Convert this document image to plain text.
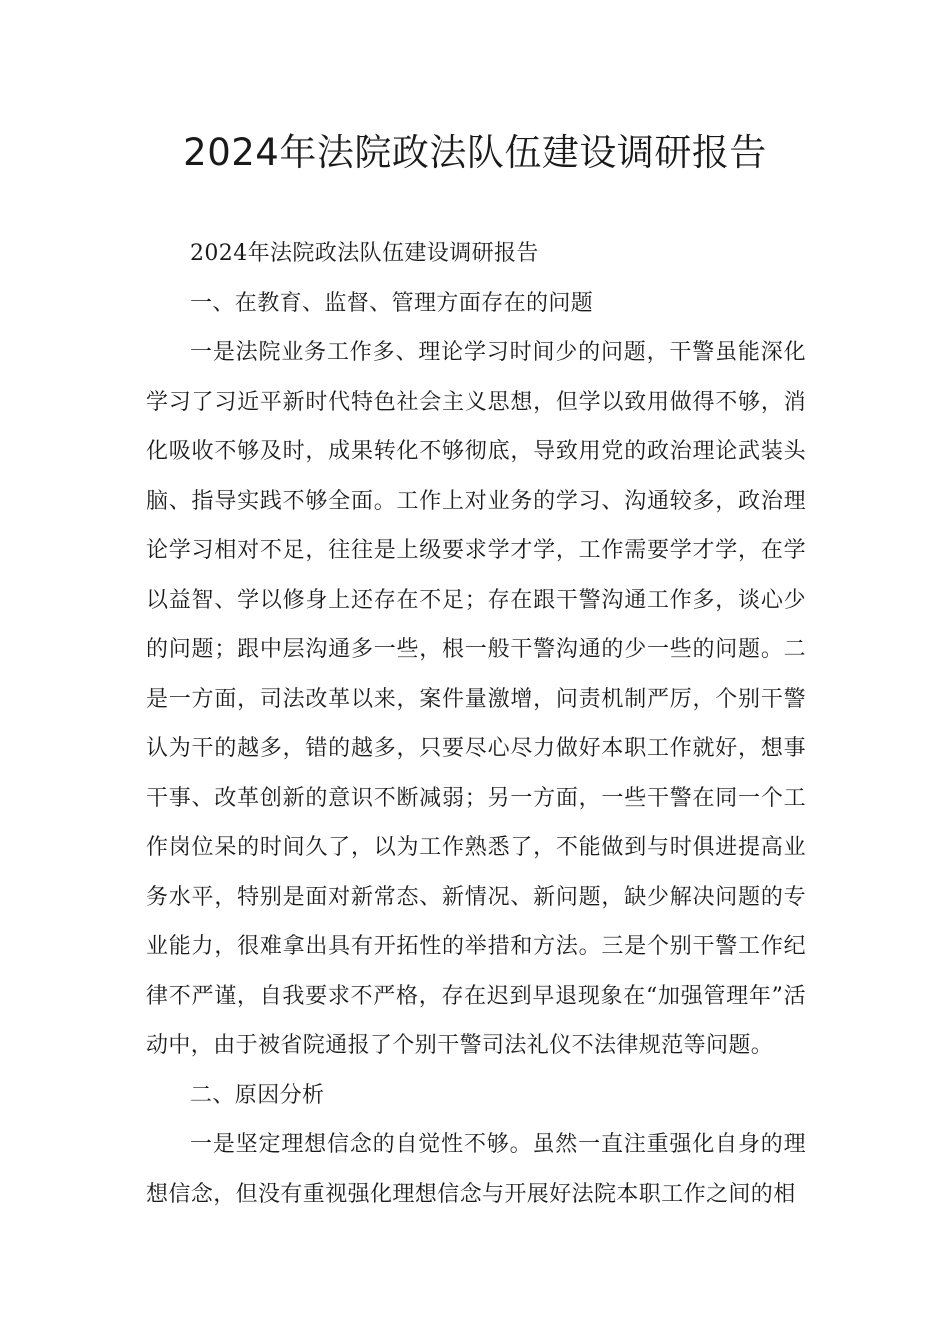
2024年法院政法队伍建设调研报告

2024年法院政法队伍建设调研报告

一、在教育、监督、管理方面存在的问题

一是法院业务工作多、理论学习时间少的问题，干警虽能深化学习了习近平新时代特色社会主义思想，但学以致用做得不够，消化吸收不够及时，成果转化不够彻底，导致用党的政治理论武装头脑、指导实践不够全面。工作上对业务的学习、沟通较多，政治理论学习相对不足，往往是上级要求学才学，工作需要学才学，在学以益智、学以修身上还存在不足；存在跟干警沟通工作多，谈心少的问题；跟中层沟通多一些，根一般干警沟通的少一些的问题。二是一方面，司法改革以来，案件量激增，问责机制严厉，个别干警认为干的越多，错的越多，只要尽心尽力做好本职工作就好，想事干事、改革创新的意识不断减弱；另一方面，一些干警在同一个工作岗位呆的时间久了，以为工作熟悉了，不能做到与时俱进提高业务水平，特别是面对新常态、新情况、新问题，缺少解决问题的专业能力，很难拿出具有开拓性的举措和方法。三是个别干警工作纪律不严谨，自我要求不严格，存在迟到早退现象在“加强管理年”活动中，由于被省院通报了个别干警司法礼仪不法律规范等问题。

二、原因分析

一是坚定理想信念的自觉性不够。虽然一直注重强化自身的理想信念，但没有重视强化理想信念与开展好法院本职工作之间的相
